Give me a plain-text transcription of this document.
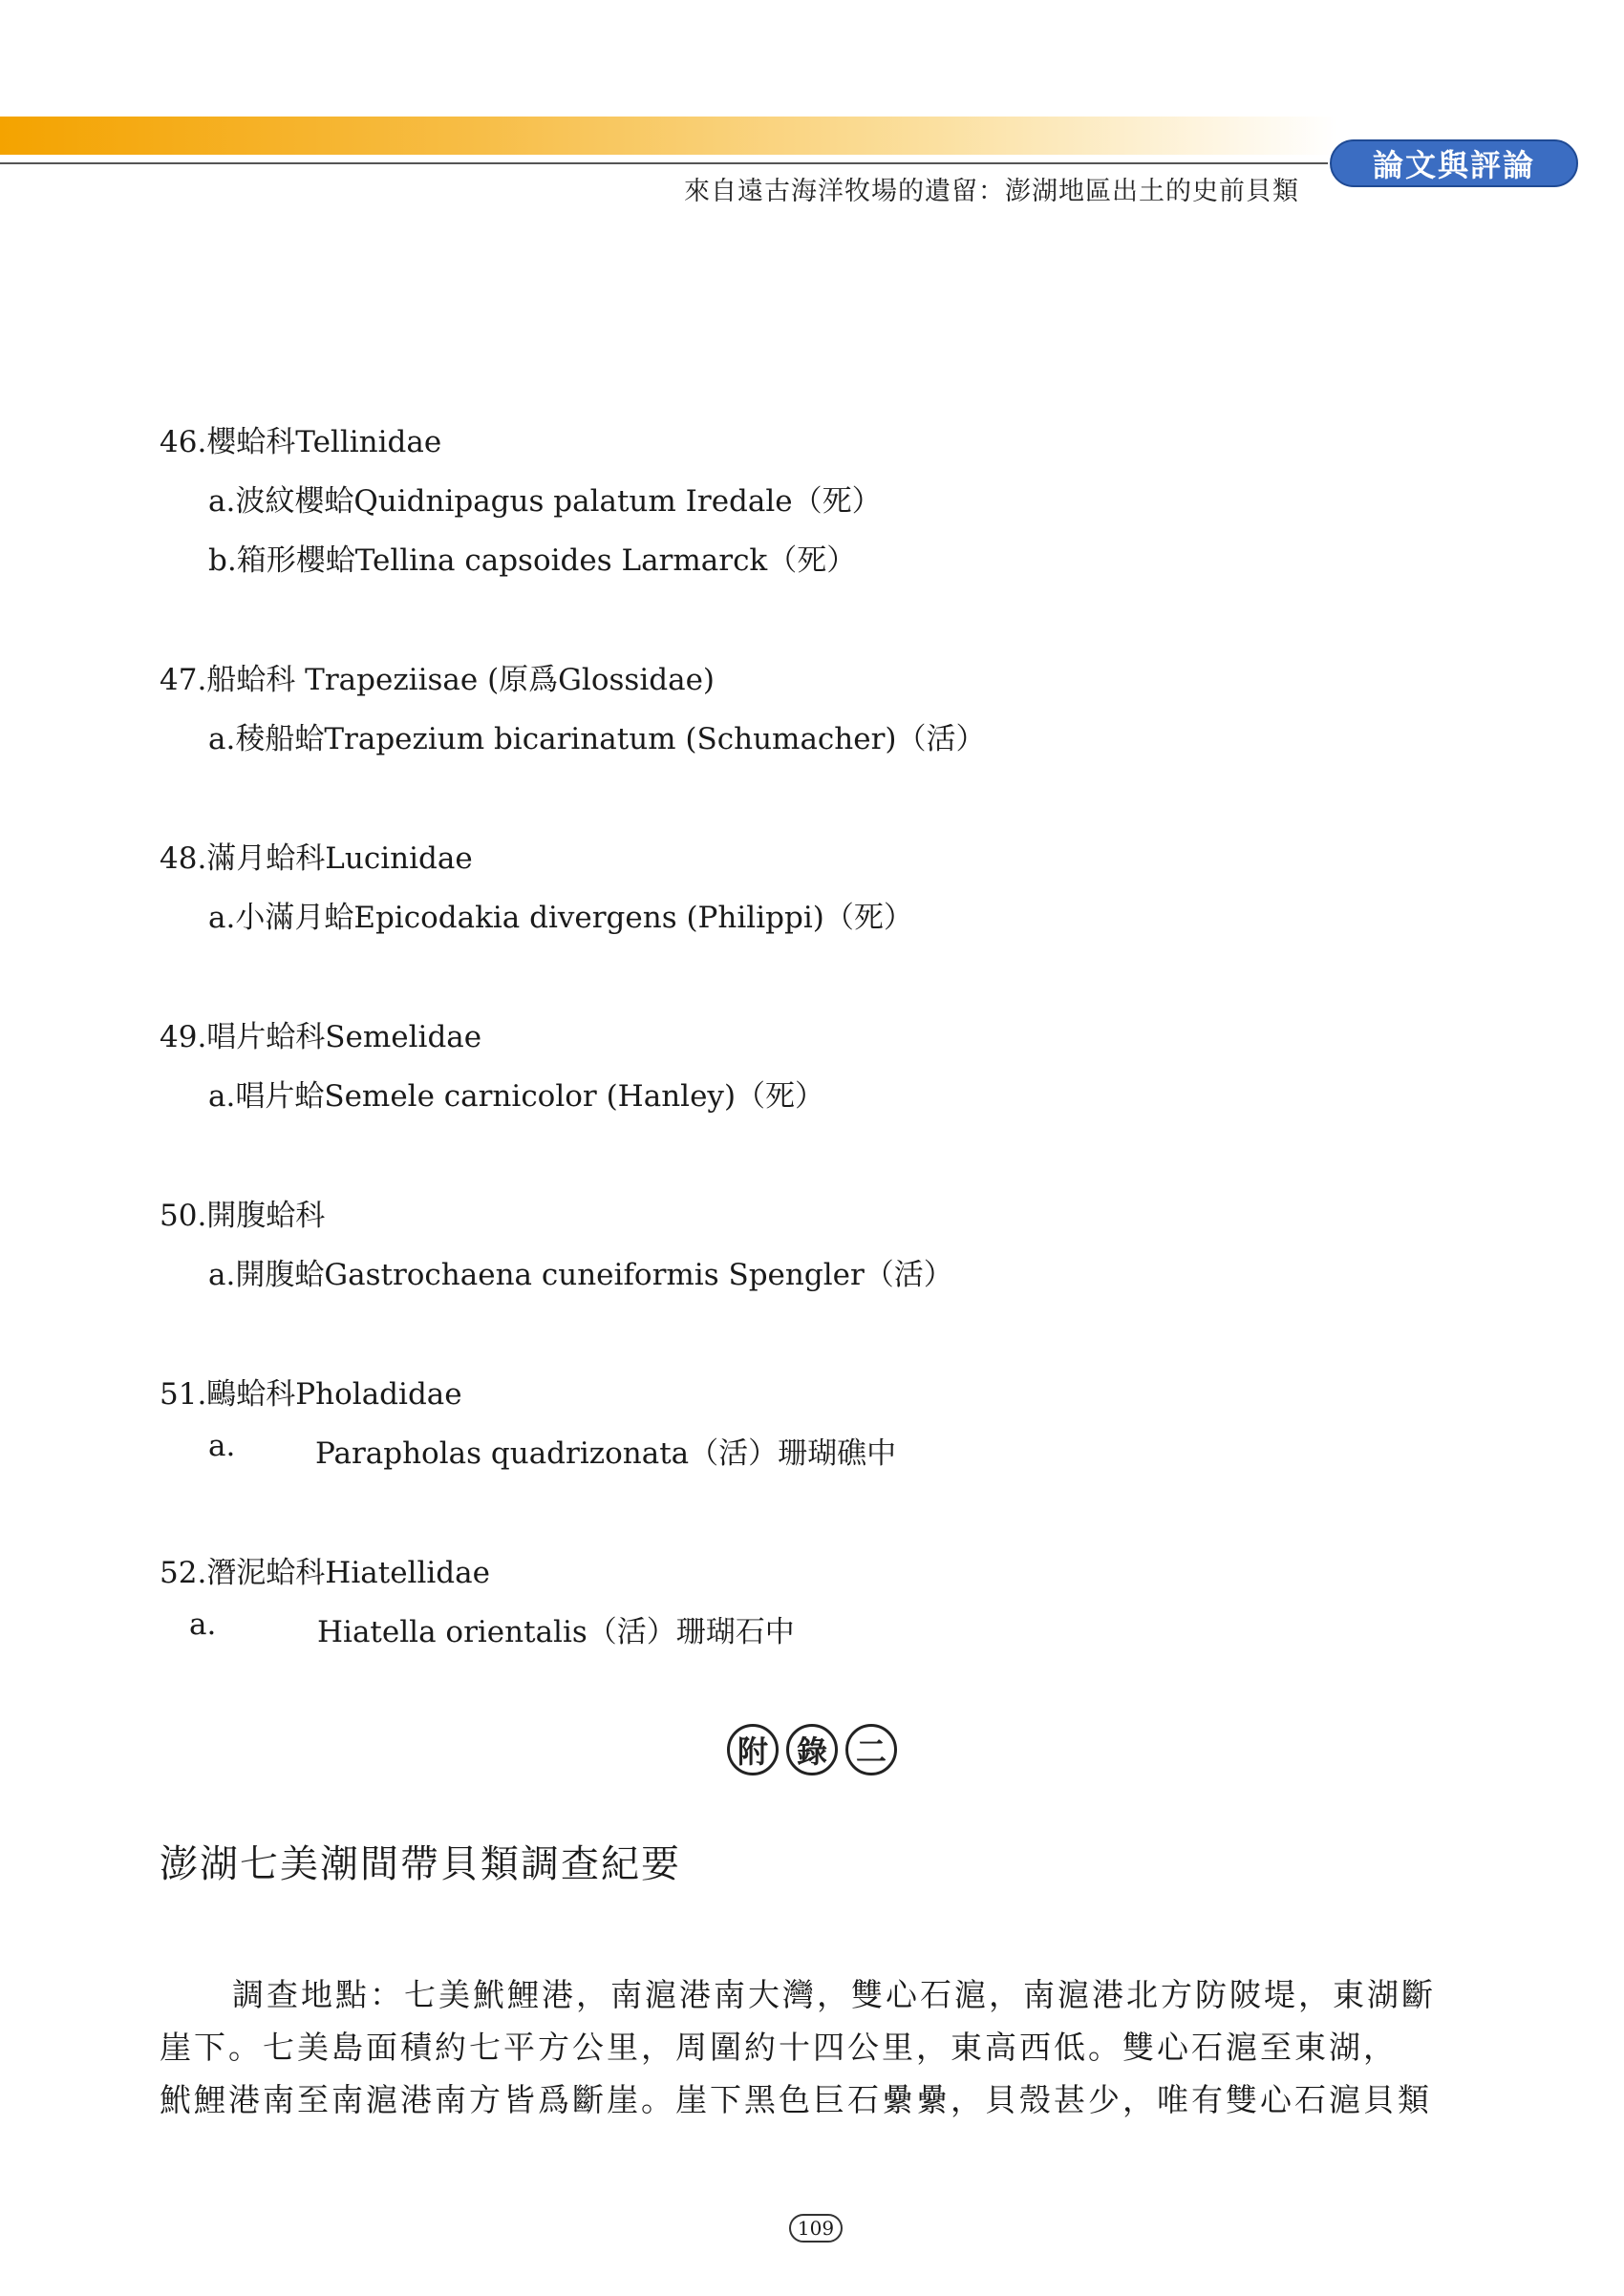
來自遠古海洋牧場的遺留：澎湖地區出土的史前貝類
論文與評論
46.櫻蛤科Tellinidae
a.波紋櫻蛤Quidnipagus palatum Iredale（死）
b.箱形櫻蛤Tellina capsoides Larmarck（死）
47.船蛤科 Trapeziisae (原爲Glossidae)
a.稜船蛤Trapezium bicarinatum (Schumacher)（活）
48.滿月蛤科Lucinidae
a.小滿月蛤Epicodakia divergens (Philippi)（死）
49.唱片蛤科Semelidae
a.唱片蛤Semele carnicolor (Hanley)（死）
50.開腹蛤科
a.開腹蛤Gastrochaena cuneiformis Spengler（活）
51.鷗蛤科Pholadidae
a.	Parapholas quadrizonata（活）珊瑚礁中
52.潛泥蛤科Hiatellidae
a.	Hiatella orientalis（活）珊瑚石中
附 錄 二
澎湖七美潮間帶貝類調查紀要
調查地點：七美鮘鯉港，南滬港南大灣，雙心石滬，南滬港北方防陂堤，東湖斷
崖下。七美島面積約七平方公里，周圍約十四公里，東高西低。雙心石滬至東湖，
鮘鯉港南至南滬港南方皆爲斷崖。崖下黑色巨石纍纍，貝殼甚少，唯有雙心石滬貝類
109
